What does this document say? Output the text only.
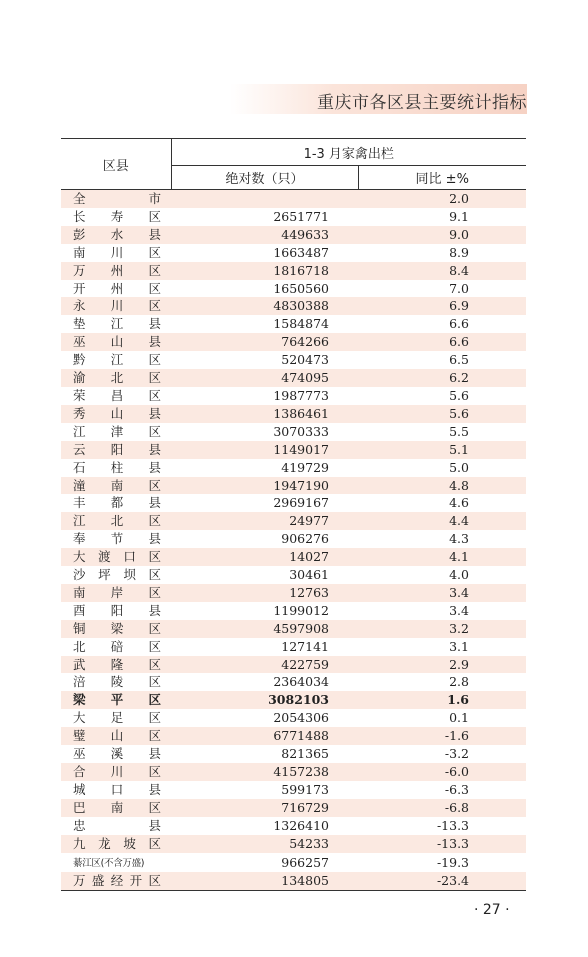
重庆市各区县主要统计指标
区县	1-3 月家禽出栏	
	绝对数（只）	同比 ±%
全市		2.0
长寿区	2651771	9.1
彭水县	449633	9.0
南川区	1663487	8.9
万州区	1816718	8.4
开州区	1650560	7.0
永川区	4830388	6.9
垫江县	1584874	6.6
巫山县	764266	6.6
黔江区	520473	6.5
渝北区	474095	6.2
荣昌区	1987773	5.6
秀山县	1386461	5.6
江津区	3070333	5.5
云阳县	1149017	5.1
石柱县	419729	5.0
潼南区	1947190	4.8
丰都县	2969167	4.6
江北区	24977	4.4
奉节县	906276	4.3
大渡口区	14027	4.1
沙坪坝区	30461	4.0
南岸区	12763	3.4
酉阳县	1199012	3.4
铜梁区	4597908	3.2
北碚区	127141	3.1
武隆区	422759	2.9
涪陵区	2364034	2.8
梁平区	3082103	1.6
大足区	2054306	0.1
璧山区	6771488	-1.6
巫溪县	821365	-3.2
合川区	4157238	-6.0
城口县	599173	-6.3
巴南区	716729	-6.8
忠县	1326410	-13.3
九龙坡区	54233	-13.3
綦江区(不含万盛)	966257	-19.3
万盛经开区	134805	-23.4
· 27 ·
